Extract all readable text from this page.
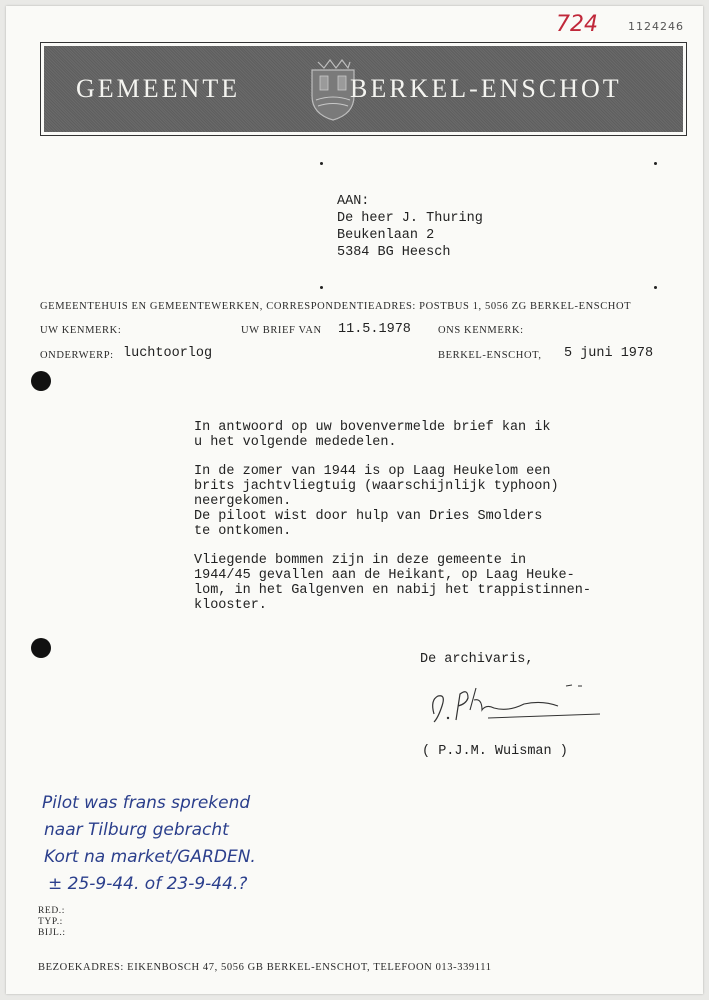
724	1124246
GEMEENTE	BERKEL-ENSCHOT
AAN:
De heer J. Thuring
Beukenlaan 2
5384 BG Heesch
GEMEENTEHUIS EN GEMEENTEWERKEN, CORRESPONDENTIEADRES: POSTBUS 1, 5056 ZG BERKEL-ENSCHOT
UW KENMERK:	UW BRIEF VAN 11.5.1978	ONS KENMERK:
ONDERWERP: luchtoorlog	BERKEL-ENSCHOT, 5 juni 1978

In antwoord op uw bovenvermelde brief kan ik
u het volgende mededelen.

In de zomer van 1944 is op Laag Heukelom een
brits jachtvliegtuig (waarschijnlijk typhoon)
neergekomen.
De piloot wist door hulp van Dries Smolders
te ontkomen.

Vliegende bommen zijn in deze gemeente in
1944/45 gevallen aan de Heikant, op Laag Heuke-
lom, in het Galgenven en nabij het trappistinnen-
klooster.

De archivaris,
( P.J.M. Wuisman )
Pilot was frans sprekend
naar Tilburg gebracht
Kort na market/GARDEN.
± 25-9-44. of 23-9-44.?
RED.:
TYP.:
BIJL.:
BEZOEKADRES: EIKENBOSCH 47, 5056 GB BERKEL-ENSCHOT, TELEFOON 013-339111
